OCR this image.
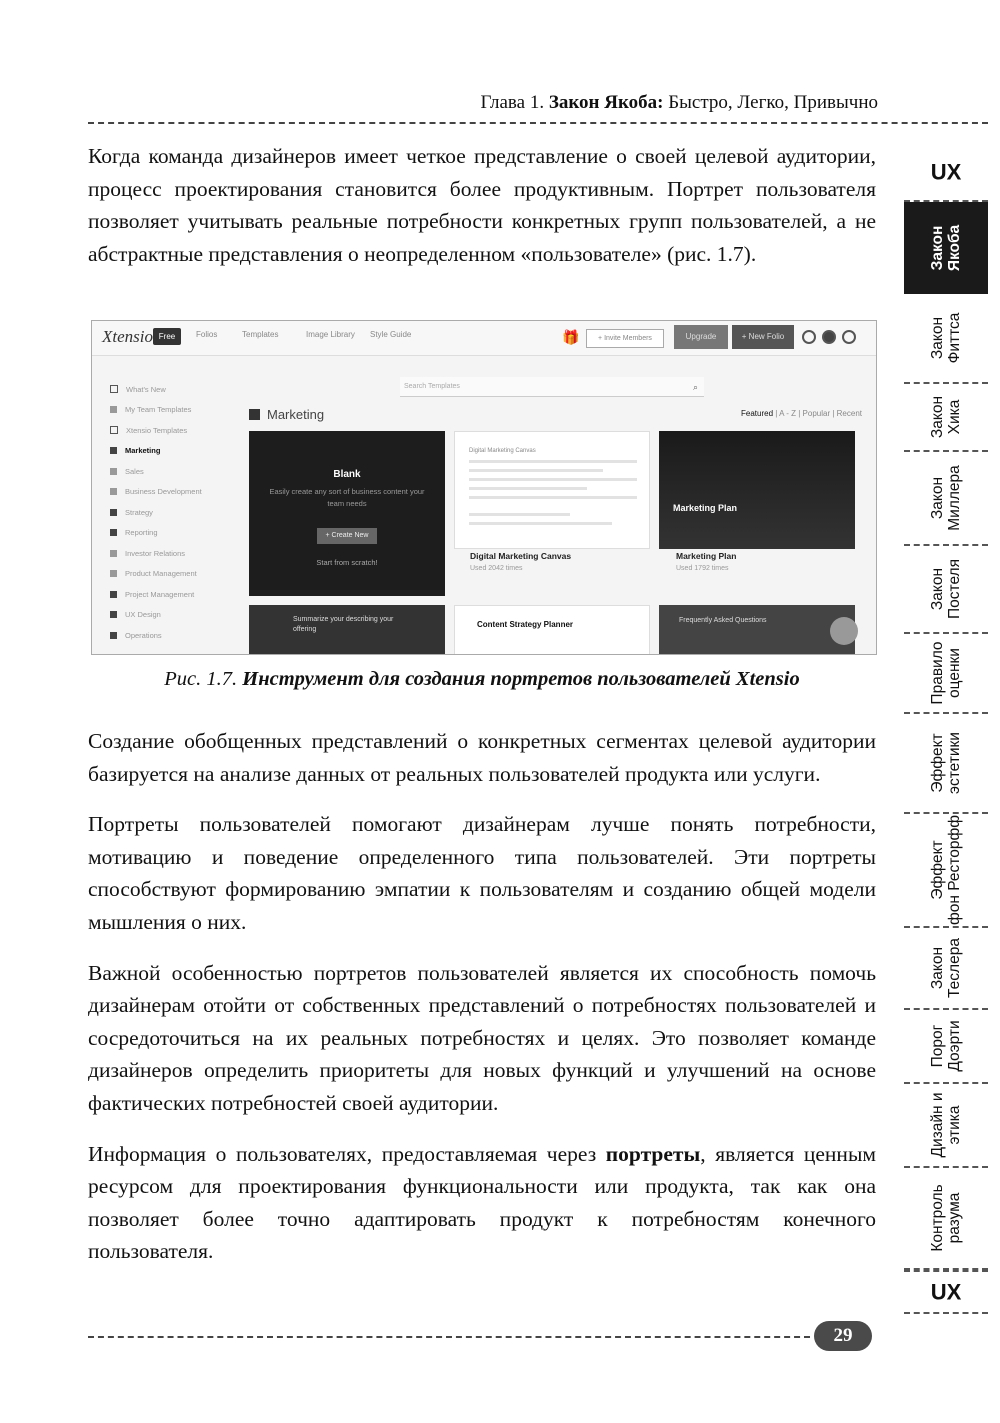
Глава 1. Закон Якоба: Быстро, Легко, Привычно

Когда команда дизайнеров имеет четкое представление о своей целевой аудитории, процесс проектирования становится более продуктивным. Портрет пользователя позволяет учитывать реальные потребности конкретных групп пользователей, а не абстрактные представления о неопределенном «пользователе» (рис. 1.7).

Xtensio Free	Folios	Templates	Image Library Style Guide	🎁	+ Invite Members	Upgrade	+ New Folio
What's New
My Team Templates
Xtensio Templates
Marketing
Sales
Business Development
Strategy
Reporting
Investor Relations
Product Management
Project Management
UX Design
Operations
Search Templates	⌕
Marketing	Featured | A - Z | Popular | Recent
Blank
Easily create any sort of business content your team needs
+ Create New
Start from scratch!
Digital Marketing Canvas
Digital Marketing Canvas
Used 2042 times
Marketing Plan
Marketing Plan
Used 1792 times
Summarize your describing your offering
Content Strategy Planner	Frequently Asked Questions
Рис. 1.7. Инструмент для создания портретов пользователей Xtensio

Создание обобщенных представлений о конкретных сегментах целевой аудитории базируется на анализе данных от реальных пользователей продукта или услуги.

Портреты пользователей помогают дизайнерам лучше понять потребности, мотивацию и поведение определенного типа пользователей. Эти портреты способствуют формированию эмпатии к пользователям и созданию общей модели мышления о них.

Важной особенностью портретов пользователей является их способность помочь дизайнерам отойти от собственных представлений о потребностях пользователей и сосредоточиться на их реальных потребностях и целях. Это позволяет команде дизайнеров определить приоритеты для новых функций и улучшений на основе фактических потребностей своей аудитории.

Информация о пользователях, предоставляемая через портреты, является ценным ресурсом для проектирования функциональности или продукта, так как она позволяет более точно адаптировать продукт к потребностям конечного пользователя.

29
UX
Закон
Якоба
Закон
Фиттса
Закон
Хика
Закон
Миллера
Закон
Постеля
Правило
оценки
Эффект
эстетики
Эффект
фон Ресторфф
Закон
Теслера
Порог
Доэрти
Дизайн и
этика
Контроль
разума
UX
